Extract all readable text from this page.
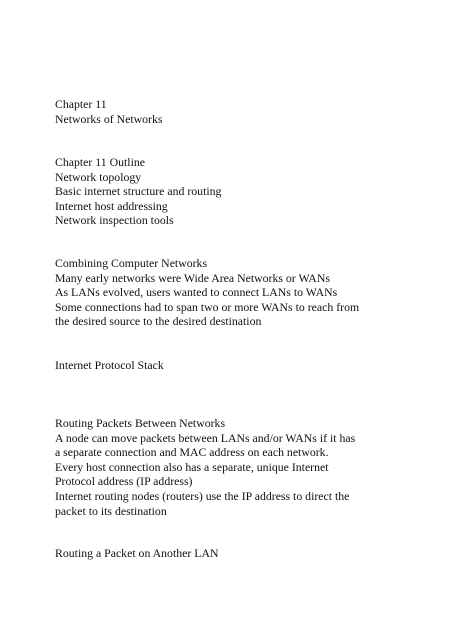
Chapter 11
Networks of Networks
Chapter 11 Outline
Network topology
Basic internet structure and routing
Internet host addressing
Network inspection tools
Combining Computer Networks
Many early networks were Wide Area Networks or WANs
As LANs evolved, users wanted to connect LANs to WANs
Some connections had to span two or more WANs to reach from
the desired source to the desired destination
Internet Protocol Stack
Routing Packets Between Networks
A node can move packets between LANs and/or WANs if it has
a separate connection and MAC address on each network.
Every host connection also has a separate, unique Internet
Protocol address (IP address)
Internet routing nodes (routers) use the IP address to direct the
packet to its destination
Routing a Packet on Another LAN
